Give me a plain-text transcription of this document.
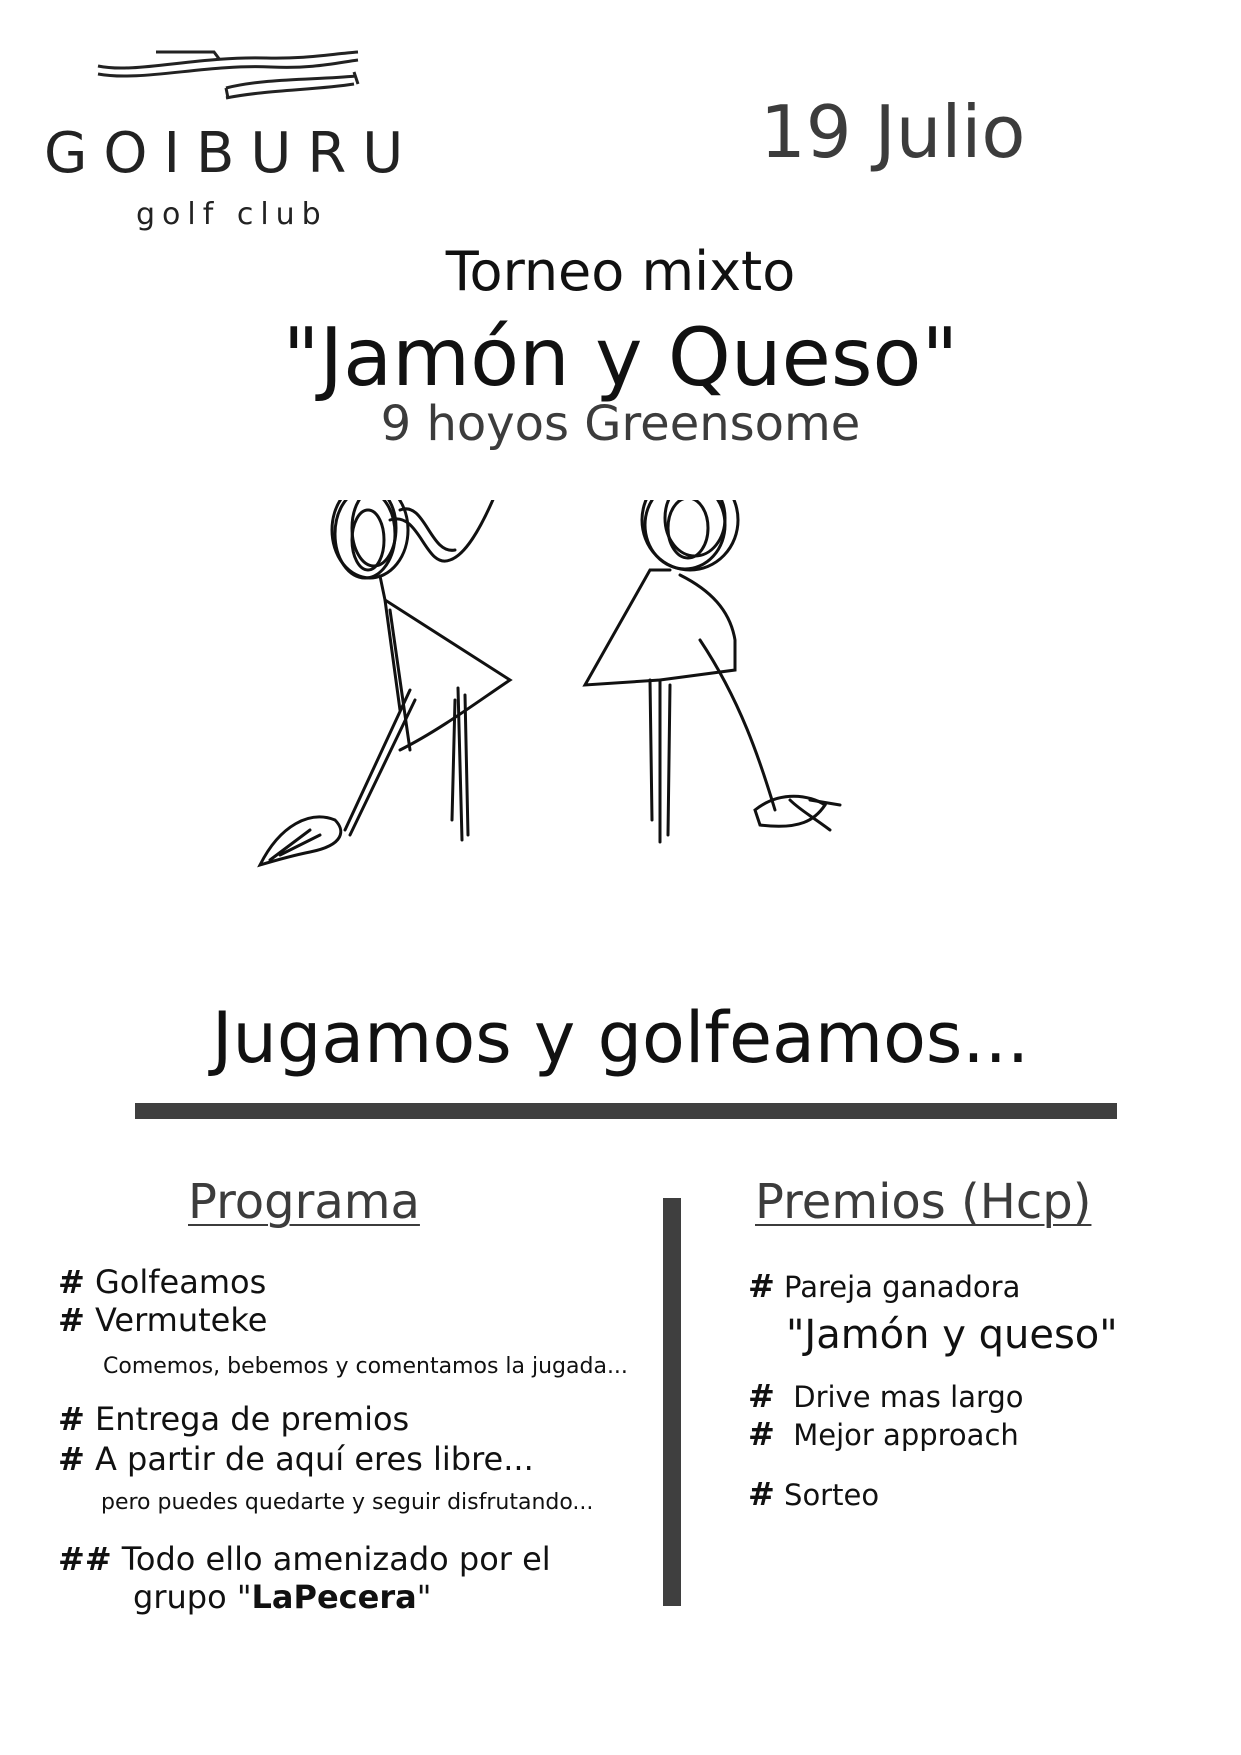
GOIBURU
golf club
19 Julio
Torneo mixto
"Jamón y Queso"
9 hoyos Greensome
Jugamos y golfeamos...
Programa
# Golfeamos
# Vermuteke
Comemos, bebemos y comentamos la jugada...
# Entrega de premios
# A partir de aquí eres libre...
pero puedes quedarte y seguir disfrutando...
## Todo ello amenizado por el
grupo "LaPecera"
Premios (Hcp)
# Pareja ganadora
"Jamón y queso"
# Drive mas largo
# Mejor approach
# Sorteo
